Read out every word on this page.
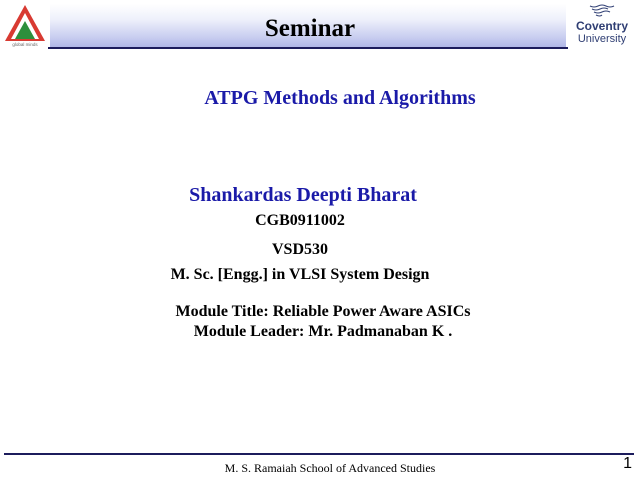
global minds
Seminar	Coventry
University
ATPG Methods and Algorithms
Shankardas Deepti Bharat
CGB0911002
VSD530
M. Sc. [Engg.] in VLSI System Design
Module Title: Reliable Power Aware ASICs
Module Leader: Mr. Padmanaban K .
M. S. Ramaiah School of Advanced Studies	1
